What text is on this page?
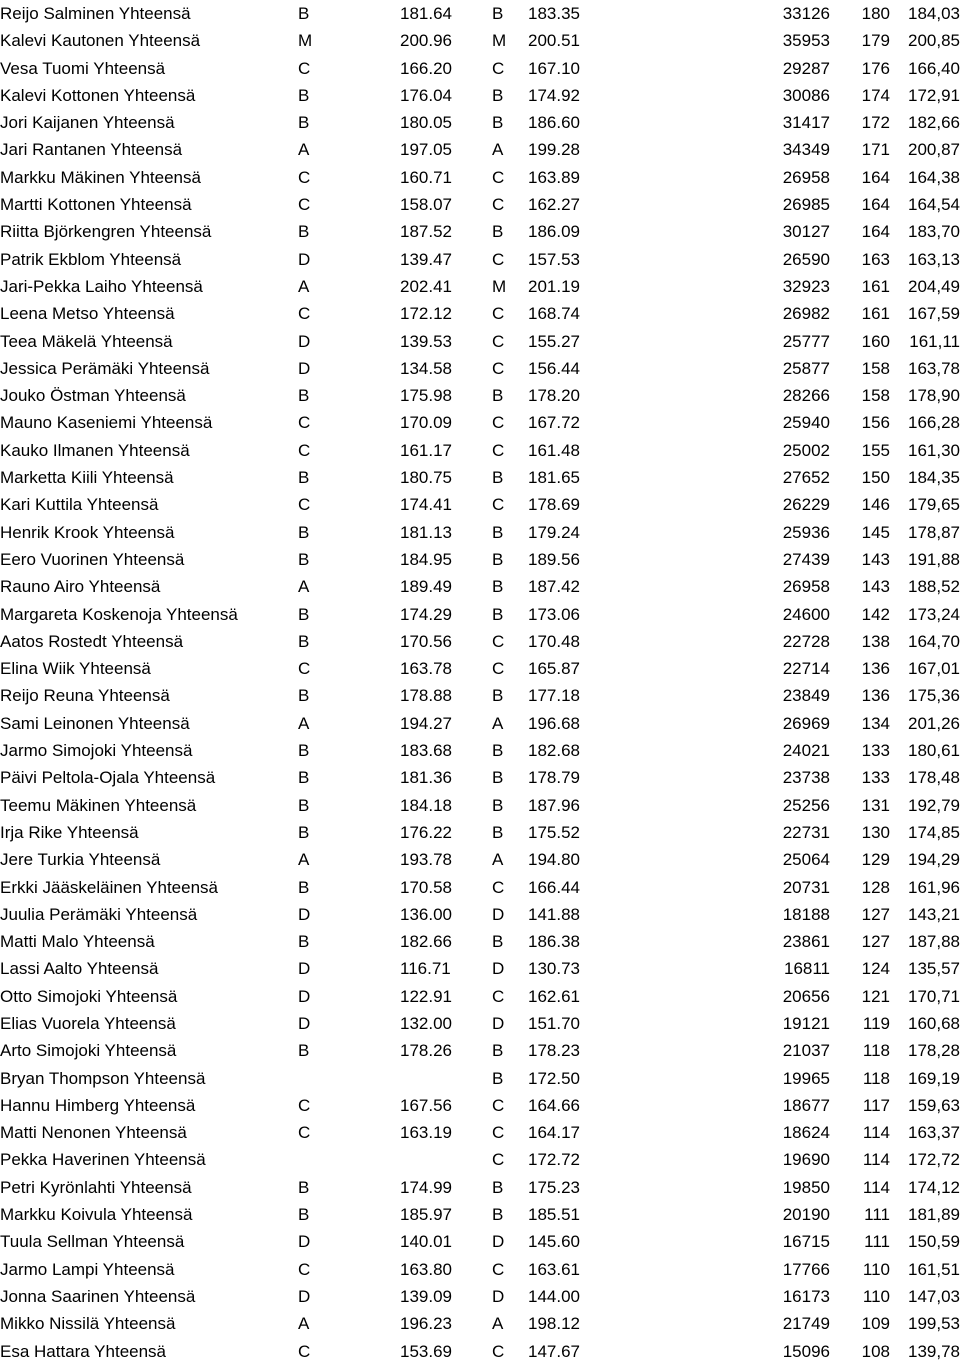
Reijo Salminen Yhteensä	B	181.64	B	183.35	33126	180	184,03
Kalevi Kautonen Yhteensä	M	200.96	M	200.51	35953	179	200,85
Vesa Tuomi Yhteensä	C	166.20	C	167.10	29287	176	166,40
Kalevi Kottonen Yhteensä	B	176.04	B	174.92	30086	174	172,91
Jori Kaijanen Yhteensä	B	180.05	B	186.60	31417	172	182,66
Jari Rantanen Yhteensä	A	197.05	A	199.28	34349	171	200,87
Markku Mäkinen Yhteensä	C	160.71	C	163.89	26958	164	164,38
Martti Kottonen Yhteensä	C	158.07	C	162.27	26985	164	164,54
Riitta Björkengren Yhteensä	B	187.52	B	186.09	30127	164	183,70
Patrik Ekblom Yhteensä	D	139.47	C	157.53	26590	163	163,13
Jari-Pekka Laiho Yhteensä	A	202.41	M	201.19	32923	161	204,49
Leena Metso Yhteensä	C	172.12	C	168.74	26982	161	167,59
Teea Mäkelä Yhteensä	D	139.53	C	155.27	25777	160	161,11
Jessica Perämäki Yhteensä	D	134.58	C	156.44	25877	158	163,78
Jouko Östman Yhteensä	B	175.98	B	178.20	28266	158	178,90
Mauno Kaseniemi Yhteensä	C	170.09	C	167.72	25940	156	166,28
Kauko Ilmanen Yhteensä	C	161.17	C	161.48	25002	155	161,30
Marketta Kiili Yhteensä	B	180.75	B	181.65	27652	150	184,35
Kari Kuttila Yhteensä	C	174.41	C	178.69	26229	146	179,65
Henrik Krook Yhteensä	B	181.13	B	179.24	25936	145	178,87
Eero Vuorinen Yhteensä	B	184.95	B	189.56	27439	143	191,88
Rauno Airo Yhteensä	A	189.49	B	187.42	26958	143	188,52
Margareta Koskenoja Yhteensä	B	174.29	B	173.06	24600	142	173,24
Aatos Rostedt Yhteensä	B	170.56	C	170.48	22728	138	164,70
Elina Wiik Yhteensä	C	163.78	C	165.87	22714	136	167,01
Reijo Reuna Yhteensä	B	178.88	B	177.18	23849	136	175,36
Sami Leinonen Yhteensä	A	194.27	A	196.68	26969	134	201,26
Jarmo Simojoki Yhteensä	B	183.68	B	182.68	24021	133	180,61
Päivi Peltola-Ojala Yhteensä	B	181.36	B	178.79	23738	133	178,48
Teemu Mäkinen Yhteensä	B	184.18	B	187.96	25256	131	192,79
Irja Rike Yhteensä	B	176.22	B	175.52	22731	130	174,85
Jere Turkia Yhteensä	A	193.78	A	194.80	25064	129	194,29
Erkki Jääskeläinen Yhteensä	B	170.58	C	166.44	20731	128	161,96
Juulia Perämäki Yhteensä	D	136.00	D	141.88	18188	127	143,21
Matti Malo Yhteensä	B	182.66	B	186.38	23861	127	187,88
Lassi Aalto Yhteensä	D	116.71	D	130.73	16811	124	135,57
Otto Simojoki Yhteensä	D	122.91	C	162.61	20656	121	170,71
Elias Vuorela Yhteensä	D	132.00	D	151.70	19121	119	160,68
Arto Simojoki Yhteensä	B	178.26	B	178.23	21037	118	178,28
Bryan Thompson Yhteensä			B	172.50	19965	118	169,19
Hannu Himberg Yhteensä	C	167.56	C	164.66	18677	117	159,63
Matti Nenonen Yhteensä	C	163.19	C	164.17	18624	114	163,37
Pekka Haverinen Yhteensä			C	172.72	19690	114	172,72
Petri Kyrönlahti Yhteensä	B	174.99	B	175.23	19850	114	174,12
Markku Koivula Yhteensä	B	185.97	B	185.51	20190	111	181,89
Tuula Sellman Yhteensä	D	140.01	D	145.60	16715	111	150,59
Jarmo Lampi Yhteensä	C	163.80	C	163.61	17766	110	161,51
Jonna Saarinen Yhteensä	D	139.09	D	144.00	16173	110	147,03
Mikko Nissilä Yhteensä	A	196.23	A	198.12	21749	109	199,53
Esa Hattara Yhteensä	C	153.69	C	147.67	15096	108	139,78
